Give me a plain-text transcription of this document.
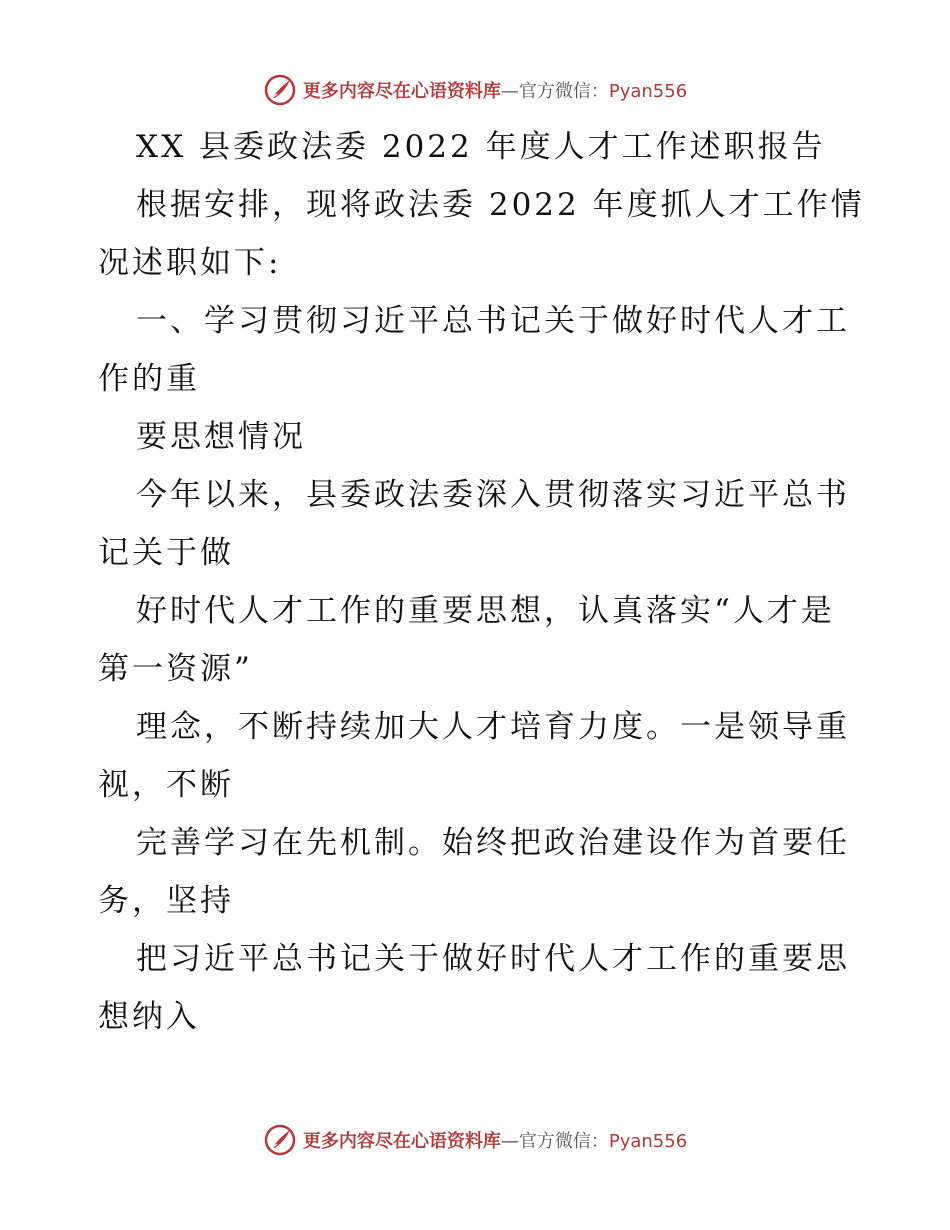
更多内容尽在心语资料库—官方微信：Pyan556
XX 县委政法委 2022 年度人才工作述职报告
根据安排，现将政法委 2022 年度抓人才工作情
况述职如下:
一、学习贯彻习近平总书记关于做好时代人才工
作的重
要思想情况
今年以来，县委政法委深入贯彻落实习近平总书
记关于做
好时代人才工作的重要思想，认真落实“人才是
第一资源”
理念，不断持续加大人才培育力度。一是领导重
视，不断
完善学习在先机制。始终把政治建设作为首要任
务，坚持
把习近平总书记关于做好时代人才工作的重要思
想纳入
更多内容尽在心语资料库—官方微信：Pyan556
